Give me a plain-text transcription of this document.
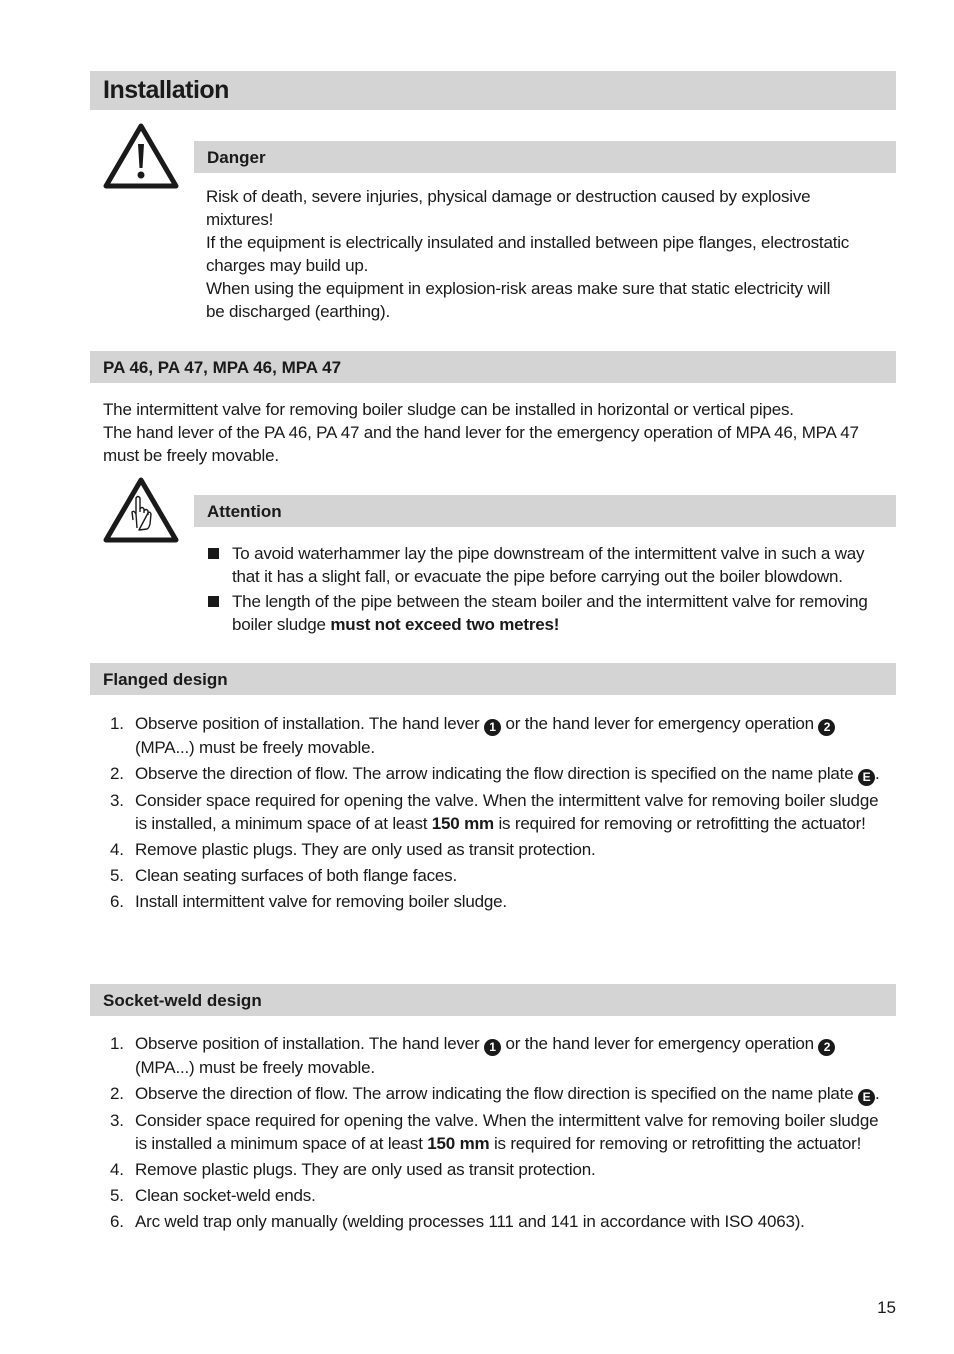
Installation
Danger
Risk of death, severe injuries, physical damage or destruction caused by explosive
mixtures!
If the equipment is electrically insulated and installed between pipe flanges, electrostatic
charges may build up.
When using the equipment in explosion-risk areas make sure that static electricity will
be discharged (earthing).
PA 46, PA 47, MPA 46, MPA 47
The intermittent valve for removing boiler sludge can be installed in horizontal or vertical pipes.
The hand lever of the PA 46, PA 47 and the hand lever for the emergency operation of MPA 46, MPA 47
must be freely movable.
Attention
To avoid waterhammer lay the pipe downstream of the intermittent valve in such a way that it has a slight fall, or evacuate the pipe before carrying out the boiler blowdown.
The length of the pipe between the steam boiler and the intermittent valve for removing boiler sludge must not exceed two metres!
Flanged design
1. Observe position of installation. The hand lever 1 or the hand lever for emergency operation 2
(MPA...) must be freely movable.
2. Observe the direction of flow. The arrow indicating the flow direction is specified on the name plate E .
3. Consider space required for opening the valve. When the intermittent valve for removing boiler sludge is installed, a minimum space of at least 150 mm is required for removing or retrofitting the actuator!
4. Remove plastic plugs. They are only used as transit protection.
5. Clean seating surfaces of both flange faces.
6. Install intermittent valve for removing boiler sludge.
Socket-weld design
1. Observe position of installation. The hand lever 1 or the hand lever for emergency operation 2
(MPA...) must be freely movable.
2. Observe the direction of flow. The arrow indicating the flow direction is specified on the name plate E .
3. Consider space required for opening the valve. When the intermittent valve for removing boiler sludge is installed a minimum space of at least 150 mm is required for removing or retrofitting the actuator!
4. Remove plastic plugs. They are only used as transit protection.
5. Clean socket-weld ends.
6. Arc weld trap only manually (welding processes 111 and 141 in accordance with ISO 4063).
15
